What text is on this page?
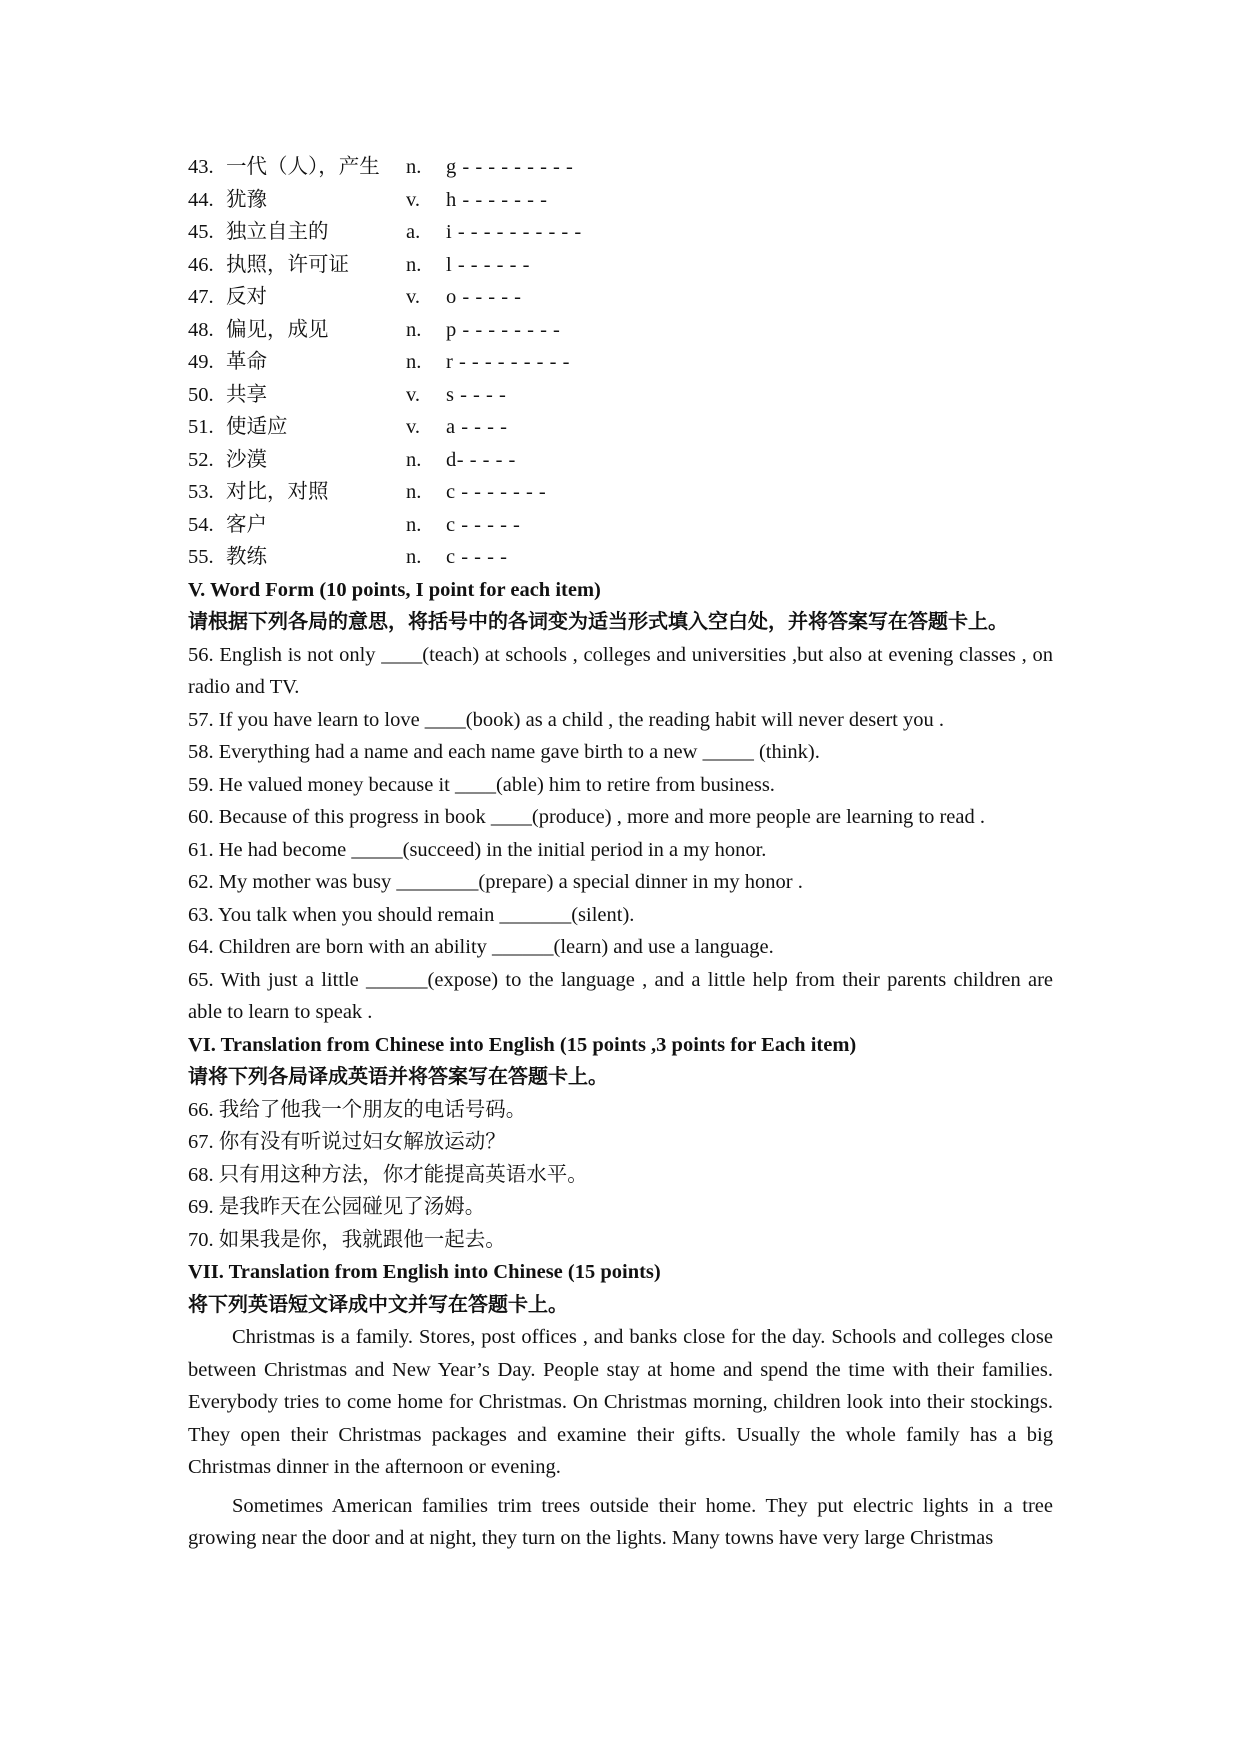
43. 一代（人），产生	n.	g - - - - - - - - -
44. 犹豫	v.	h - - - - - - -
45. 独立自主的	a.	i - - - - - - - - - -
46. 执照，许可证	n.	l - - - - - -
47. 反对	v.	o - - - - -
48. 偏见，成见	n.	p - - - - - - - -
49. 革命	n.	r - - - - - - - - -
50. 共享	v.	s - - - -
51. 使适应	v.	a - - - -
52. 沙漠	n.	d- - - - -
53. 对比，对照	n.	c - - - - - - -
54. 客户	n.	c - - - - -
55. 教练	n.	c - - - -
V. Word Form (10 points, I point for each item)
请根据下列各局的意思，将括号中的各词变为适当形式填入空白处，并将答案写在答题卡上。
56. English is not only ____(teach) at schools , colleges and universities ,but also at evening classes , on radio and TV.
57. If you have learn to love ____(book) as a child , the reading habit will never desert you .
58. Everything had a name and each name gave birth to a new _____ (think).
59. He valued money because it ____(able) him to retire from business.
60. Because of this progress in book ____(produce) , more and more people are learning to read .
61. He had become _____(succeed) in the initial period in a my honor.
62. My mother was busy ________(prepare) a special dinner in my honor .
63. You talk when you should remain _______(silent).
64. Children are born with an ability ______(learn) and use a language.
65. With just a little ______(expose) to the language , and a little help from their parents children are able to learn to speak .
VI. Translation from Chinese into English (15 points ,3 points for Each item)
请将下列各局译成英语并将答案写在答题卡上。
66. 我给了他我一个朋友的电话号码。
67. 你有没有听说过妇女解放运动？
68. 只有用这种方法，你才能提高英语水平。
69. 是我昨天在公园碰见了汤姆。
70. 如果我是你，我就跟他一起去。
VII. Translation from English into Chinese (15 points)
将下列英语短文译成中文并写在答题卡上。
Christmas is a family. Stores, post offices , and banks close for the day. Schools and colleges close between Christmas and New Year’s Day. People stay at home and spend the time with their families. Everybody tries to come home for Christmas. On Christmas morning, children look into their stockings. They open their Christmas packages and examine their gifts. Usually the whole family has a big Christmas dinner in the afternoon or evening.
Sometimes American families trim trees outside their home. They put electric lights in a tree growing near the door and at night, they turn on the lights. Many towns have very large Christmas
